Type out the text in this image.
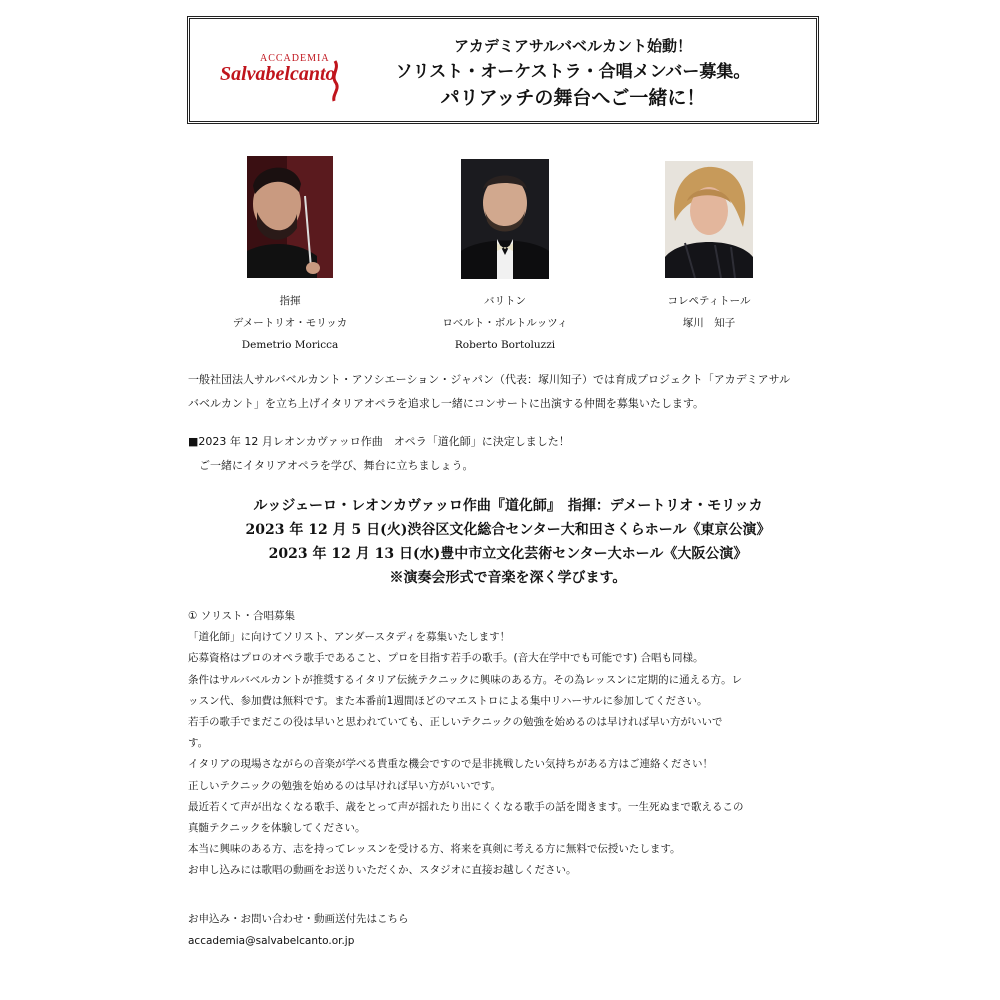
ACCADEMIA
Salvabelcanto
アカデミアサルバベルカント始動！
ソリスト・オーケストラ・合唱メンバー募集。
パリアッチの舞台へご一緒に！
指揮
デメートリオ・モリッカ
Demetrio Moricca
バリトン
ロベルト・ボルトルッツィ
Roberto Bortoluzzi
コレペティトール
塚川　知子
一般社団法人サルバベルカント・アソシエーション・ジャパン（代表：塚川知子）では育成プロジェクト「アカデミアサル
バベルカント」を立ち上げイタリアオペラを追求し一緒にコンサートに出演する仲間を募集いたします。
■2023 年 12 月レオンカヴァッロ作曲　オペラ「道化師」に決定しました！
　ご一緒にイタリアオペラを学び、舞台に立ちましょう。
ルッジェーロ・レオンカヴァッロ作曲『道化師』　指揮：デメートリオ・モリッカ
2023 年 12 月 5 日(火)渋谷区文化総合センター大和田さくらホール《東京公演》
2023 年 12 月 13 日(水)豊中市立文化芸術センター大ホール《大阪公演》
※演奏会形式で音楽を深く学びます。

① ソリスト・合唱募集

「道化師」に向けてソリスト、アンダースタディを募集いたします！

応募資格はプロのオペラ歌手であること、プロを目指す若手の歌手。(音大在学中でも可能です) 合唱も同様。

条件はサルバベルカントが推奨するイタリア伝統テクニックに興味のある方。その為レッスンに定期的に通える方。レ

ッスン代、参加費は無料です。また本番前1週間ほどのマエストロによる集中リハーサルに参加してください。

若手の歌手でまだこの役は早いと思われていても、正しいテクニックの勉強を始めるのは早ければ早い方がいいで

す。

イタリアの現場さながらの音楽が学べる貴重な機会ですので是非挑戦したい気持ちがある方はご連絡ください！

正しいテクニックの勉強を始めるのは早ければ早い方がいいです。

最近若くて声が出なくなる歌手、歳をとって声が揺れたり出にくくなる歌手の話を聞きます。一生死ぬまで歌えるこの

真髄テクニックを体験してください。

本当に興味のある方、志を持ってレッスンを受ける方、将来を真剣に考える方に無料で伝授いたします。

お申し込みには歌唱の動画をお送りいただくか、スタジオに直接お越しください。

お申込み・お問い合わせ・動画送付先はこちら
accademia@salvabelcanto.or.jp
